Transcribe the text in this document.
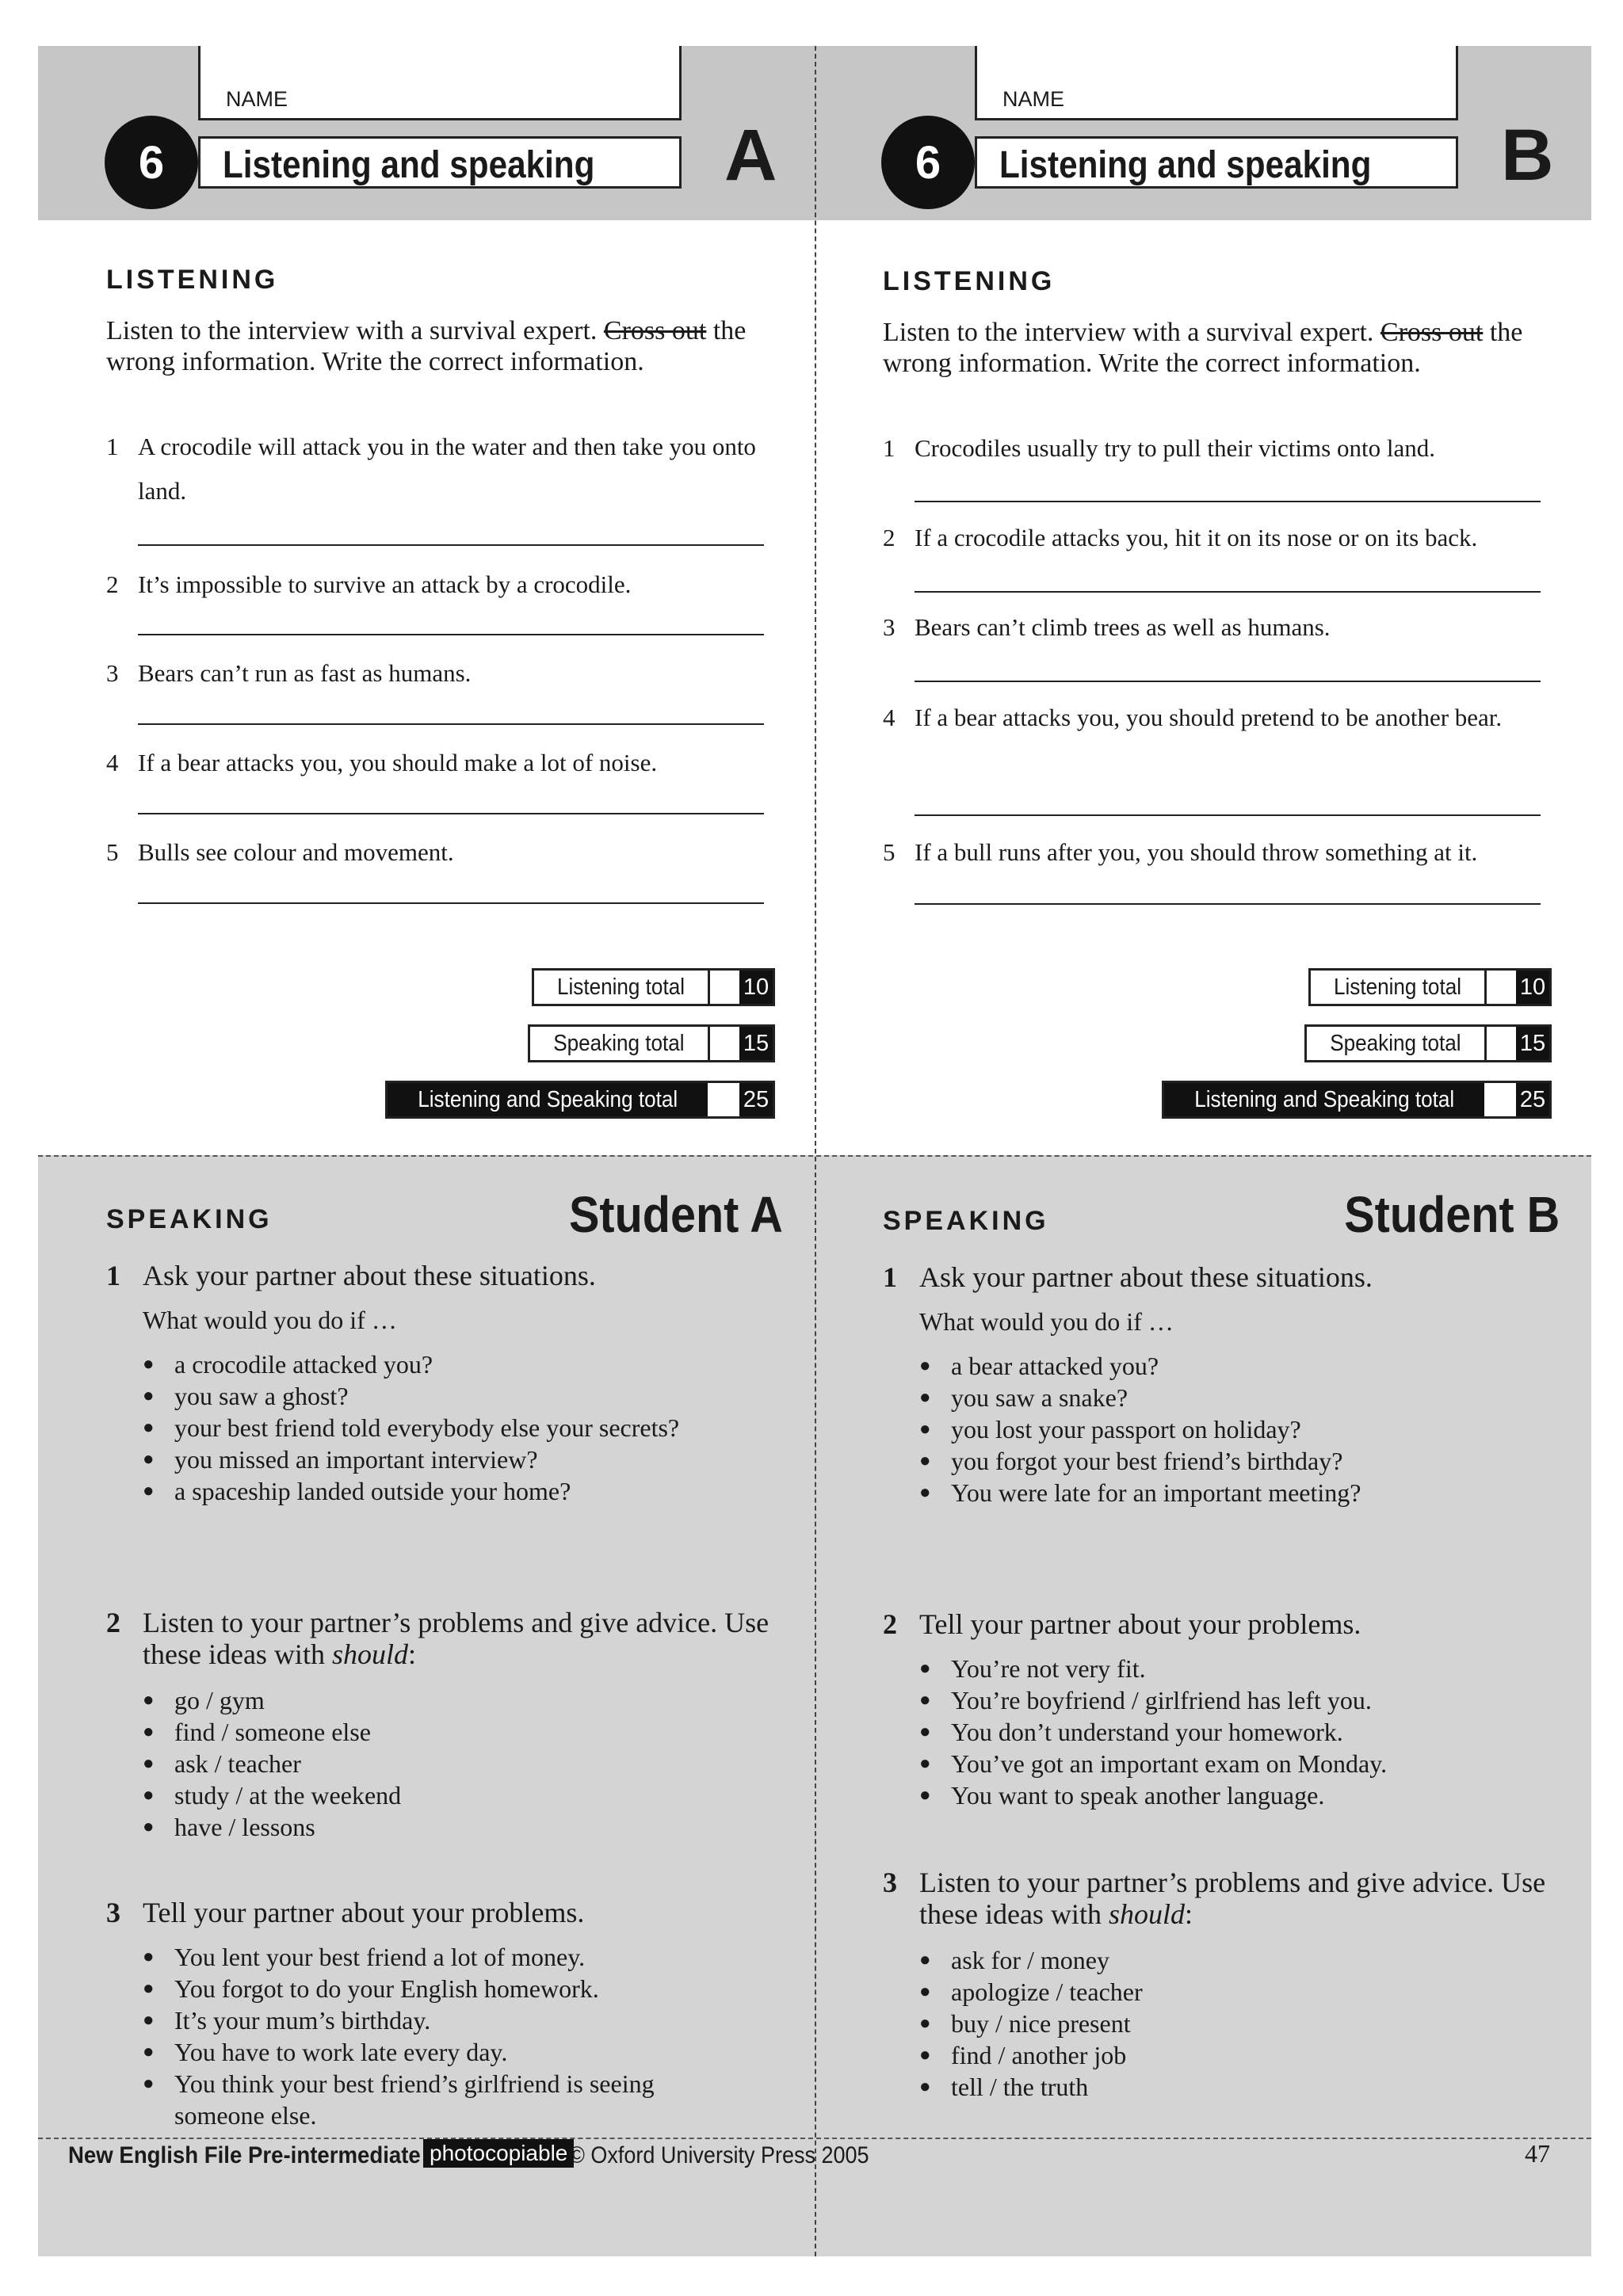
NAME
Listening and speaking
6	A
LISTENING
Listen to the interview with a survival expert. Cross out the wrong information. Write the correct information.
1 A crocodile will attack you in the water and then take you onto land.
2 It’s impossible to survive an attack by a crocodile.
3 Bears can’t run as fast as humans.
4 If a bear attacks you, you should make a lot of noise.
5 Bulls see colour and movement.
Listening total	10
Speaking total	15
Listening and Speaking total	25
SPEAKING	Student A
1 Ask your partner about these situations.
What would you do if …
● a crocodile attacked you?
● you saw a ghost?
● your best friend told everybody else your secrets?
● you missed an important interview?
● a spaceship landed outside your home?
2 Listen to your partner’s problems and give advice. Use these ideas with should:
● go / gym
● find / someone else
● ask / teacher
● study / at the weekend
● have / lessons
3 Tell your partner about your problems.
● You lent your best friend a lot of money.
● You forgot to do your English homework.
● It’s your mum’s birthday.
● You have to work late every day.
● You think your best friend’s girlfriend is seeing someone else.
NAME
Listening and speaking
6	B
LISTENING
Listen to the interview with a survival expert. Cross out the wrong information. Write the correct information.
1 Crocodiles usually try to pull their victims onto land.
2 If a crocodile attacks you, hit it on its nose or on its back.
3 Bears can’t climb trees as well as humans.
4 If a bear attacks you, you should pretend to be another bear.
5 If a bull runs after you, you should throw something at it.
Listening total	10
Speaking total	15
Listening and Speaking total	25
SPEAKING	Student B
1 Ask your partner about these situations.
What would you do if …
● a bear attacked you?
● you saw a snake?
● you lost your passport on holiday?
● you forgot your best friend’s birthday?
● You were late for an important meeting?
2 Tell your partner about your problems.
● You’re not very fit.
● You’re boyfriend / girlfriend has left you.
● You don’t understand your homework.
● You’ve got an important exam on Monday.
● You want to speak another language.
3 Listen to your partner’s problems and give advice. Use these ideas with should:
● ask for / money
● apologize / teacher
● buy / nice present
● find / another job
● tell / the truth
New English File Pre-intermediate photocopiable © Oxford University Press 2005	47
